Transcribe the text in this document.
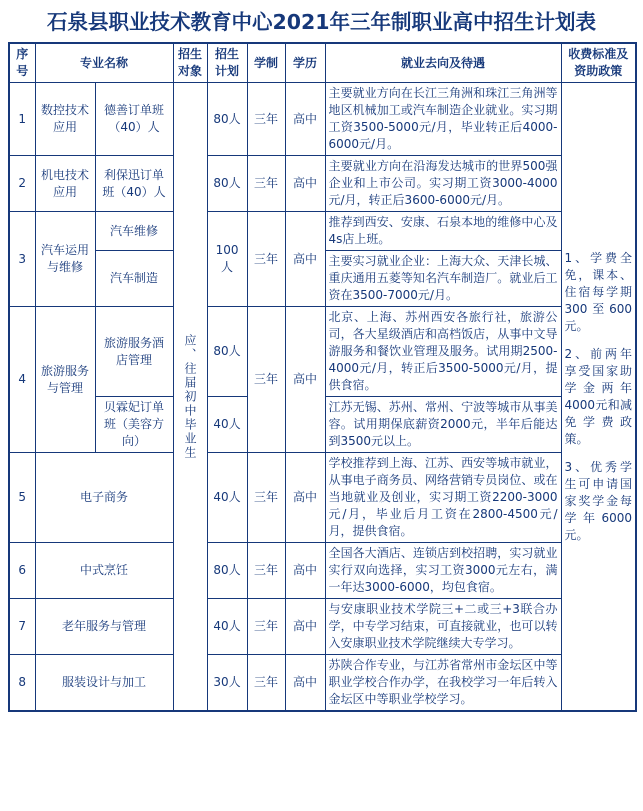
石泉县职业技术教育中心2021年三年制职业高中招生计划表
序号	专业名称		招生对象	招生计划	学制	学历	就业去向及待遇	收费标准及资助政策
1	数控技术应用	德善订单班（40）人	应、往届初中毕业生	80人	三年	高中	主要就业方向在长江三角洲和珠江三角洲等地区机械加工或汽车制造企业就业。实习期工资3500-5000元/月，毕业转正后4000-6000元/月。	1、学费全免，课本、住宿每学期300至600元。

2、前两年享受国家助学金两年4000元和减免学费政策。

3、优秀学生可申请国家奖学金每学年6000元。

2	机电技术应用	利保迅订单班（40）人		80人	三年	高中	主要就业方向在沿海发达城市的世界500强企业和上市公司。实习期工资3000-4000元/月，转正后3600-6000元/月。	
3	汽车运用与维修	汽车维修		100人	三年	高中	推荐到西安、安康、石泉本地的维修中心及4s店上班。	
		汽车制造					主要实习就业企业：上海大众、天津长城、重庆通用五菱等知名汽车制造厂。就业后工资在3500-7000元/月。	
4	旅游服务与管理	旅游服务酒店管理		80人	三年	高中	北京、上海、苏州西安各旅行社，旅游公司，各大星级酒店和高档饭店，从事中文导游服务和餐饮业管理及服务。试用期2500-4000元/月，转正后3500-5000元/月，提供食宿。	
		贝霖妃订单班（美容方向）		40人			江苏无锡、苏州、常州、宁波等城市从事美容。试用期保底薪资2000元，半年后能达到3500元以上。	
5	电子商务			40人	三年	高中	学校推荐到上海、江苏、西安等城市就业，从事电子商务员、网络营销专员岗位、或在当地就业及创业，实习期工资2200-3000元/月，毕业后月工资在2800-4500元/月，提供食宿。	
6	中式烹饪			80人	三年	高中	全国各大酒店、连锁店到校招聘，实习就业实行双向选择，实习工资3000元左右，满一年达3000-6000，均包食宿。	
7	老年服务与管理			40人	三年	高中	与安康职业技术学院三+二或三+3联合办学，中专学习结束，可直接就业，也可以转入安康职业技术学院继续大专学习。	
8	服装设计与加工			30人	三年	高中	苏陕合作专业，与江苏省常州市金坛区中等职业学校合作办学，在我校学习一年后转入金坛区中等职业学校学习。	
